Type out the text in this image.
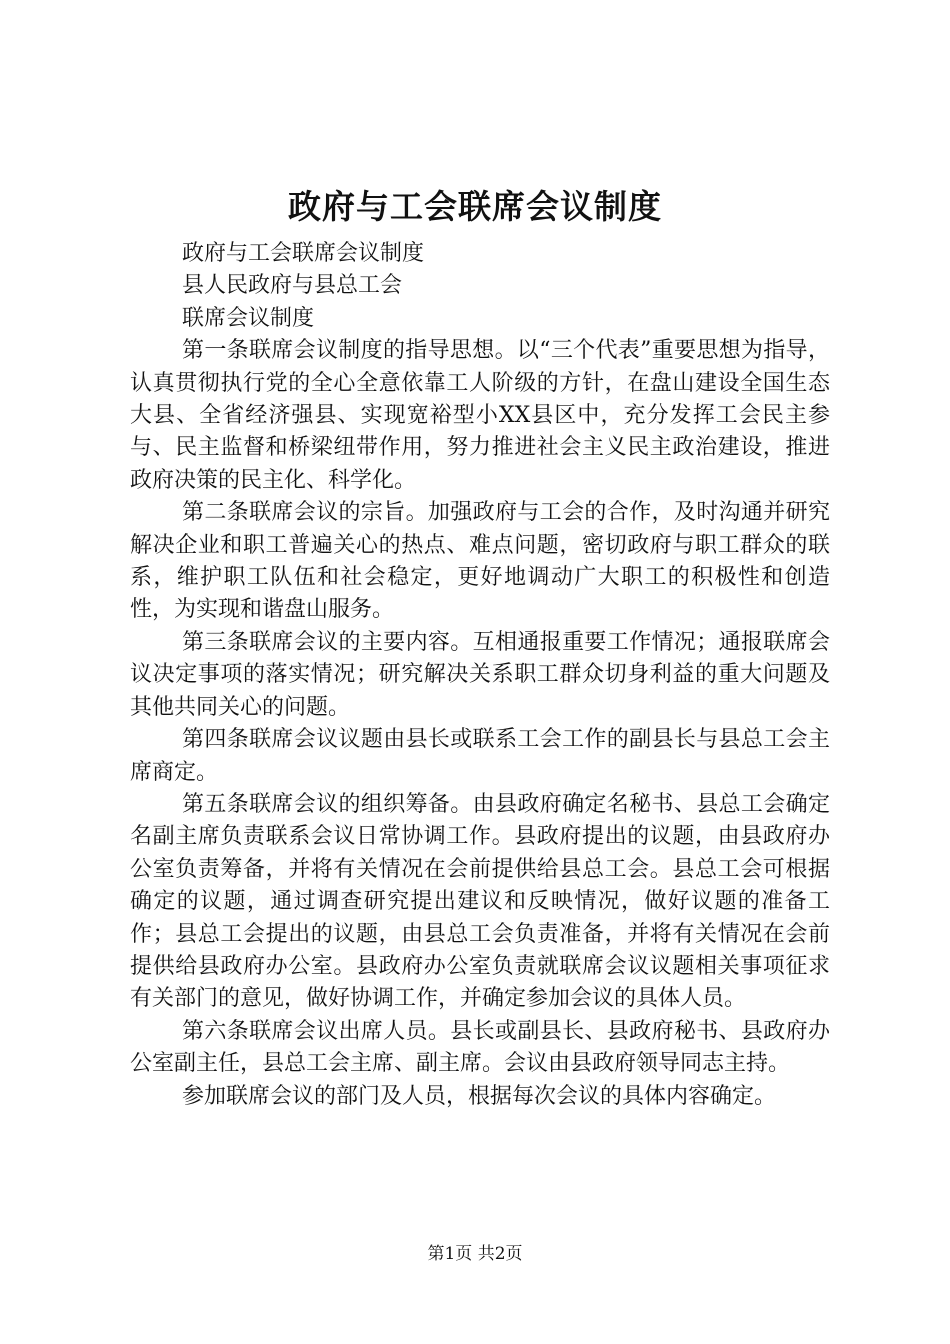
政府与工会联席会议制度
政府与工会联席会议制度
县人民政府与县总工会
联席会议制度
第一条联席会议制度的指导思想。以“三个代表”重要思想为指导，认真贯彻执行党的全心全意依靠工人阶级的方针，在盘山建设全国生态大县、全省经济强县、实现宽裕型小XX县区中，充分发挥工会民主参与、民主监督和桥梁纽带作用，努力推进社会主义民主政治建设，推进政府决策的民主化、科学化。
第二条联席会议的宗旨。加强政府与工会的合作，及时沟通并研究解决企业和职工普遍关心的热点、难点问题，密切政府与职工群众的联系，维护职工队伍和社会稳定，更好地调动广大职工的积极性和创造性，为实现和谐盘山服务。
第三条联席会议的主要内容。互相通报重要工作情况；通报联席会议决定事项的落实情况；研究解决关系职工群众切身利益的重大问题及其他共同关心的问题。
第四条联席会议议题由县长或联系工会工作的副县长与县总工会主席商定。
第五条联席会议的组织筹备。由县政府确定名秘书、县总工会确定名副主席负责联系会议日常协调工作。县政府提出的议题，由县政府办公室负责筹备，并将有关情况在会前提供给县总工会。县总工会可根据确定的议题，通过调查研究提出建议和反映情况，做好议题的准备工作；县总工会提出的议题，由县总工会负责准备，并将有关情况在会前提供给县政府办公室。县政府办公室负责就联席会议议题相关事项征求有关部门的意见，做好协调工作，并确定参加会议的具体人员。
第六条联席会议出席人员。县长或副县长、县政府秘书、县政府办公室副主任，县总工会主席、副主席。会议由县政府领导同志主持。
参加联席会议的部门及人员，根据每次会议的具体内容确定。
第1页 共2页
